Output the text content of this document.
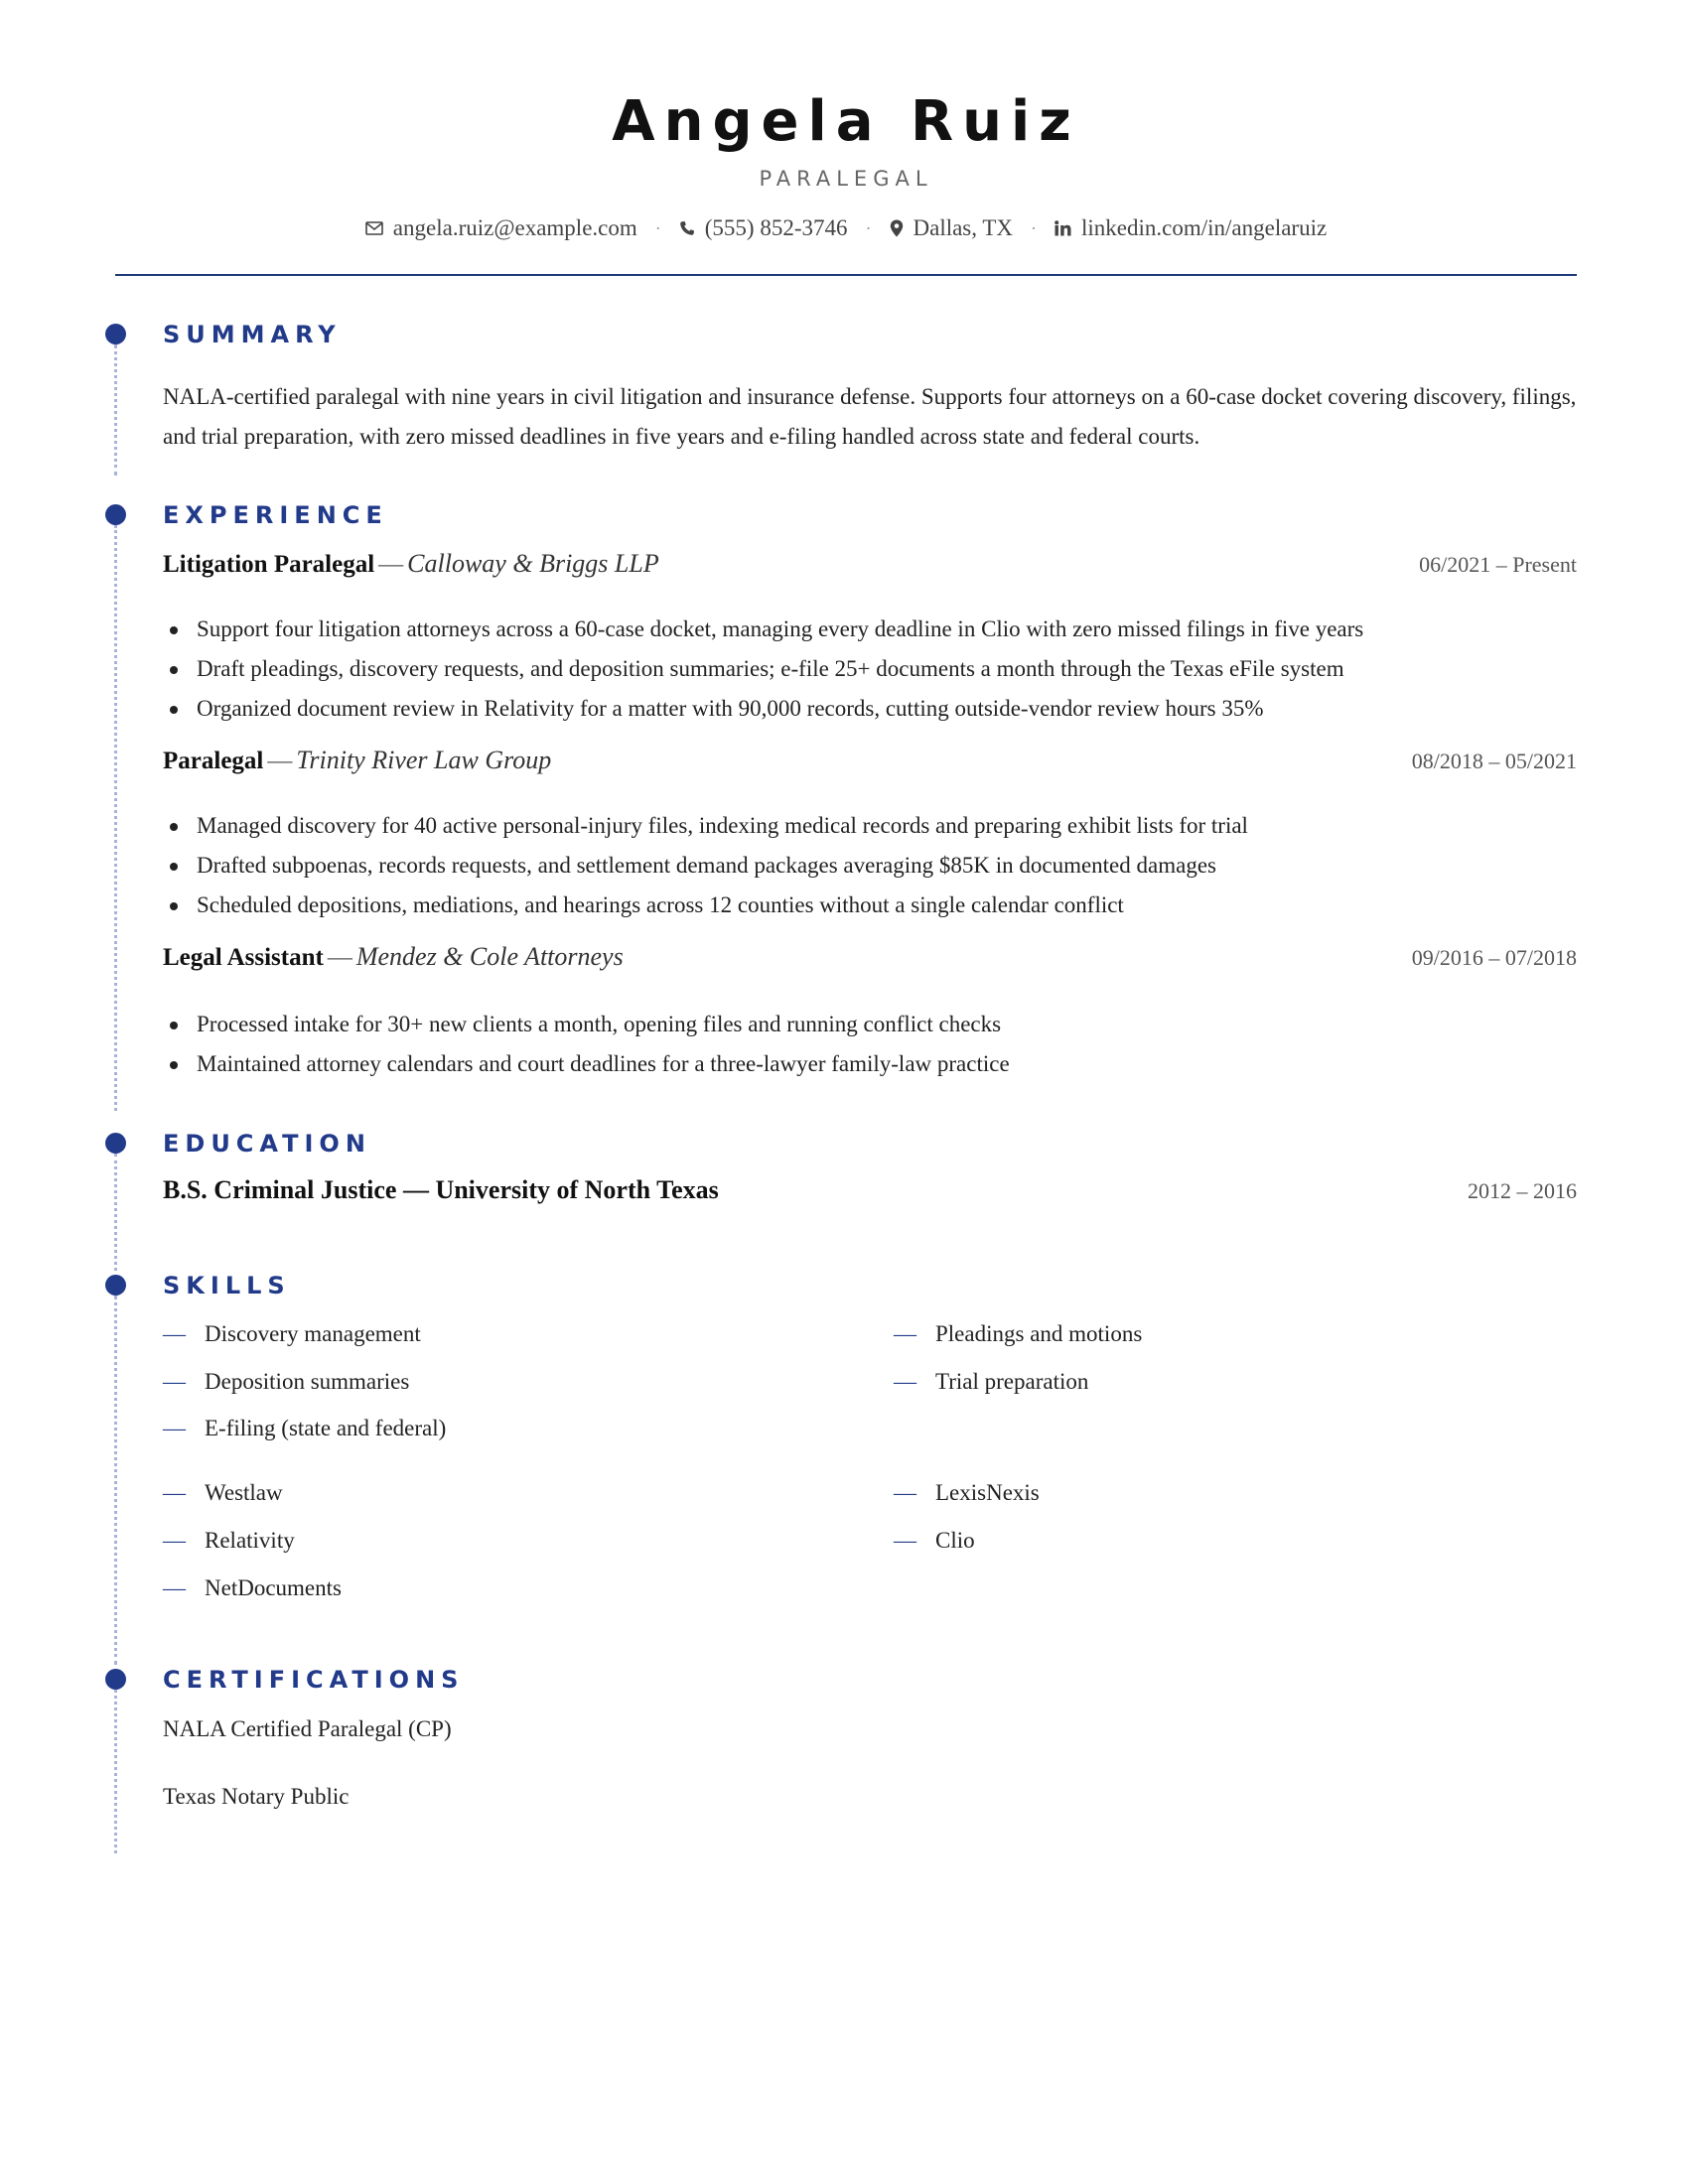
Angela Ruiz
PARALEGAL
angela.ruiz@example.com · (555) 852-3746 · Dallas, TX · linkedin.com/in/angelaruiz
SUMMARY
NALA-certified paralegal with nine years in civil litigation and insurance defense. Supports four attorneys on a 60-case docket covering discovery, filings, and trial preparation, with zero missed deadlines in five years and e-filing handled across state and federal courts.
EXPERIENCE
Litigation Paralegal — Calloway & Briggs LLP	06/2021 – Present
Support four litigation attorneys across a 60-case docket, managing every deadline in Clio with zero missed filings in five years
Draft pleadings, discovery requests, and deposition summaries; e-file 25+ documents a month through the Texas eFile system
Organized document review in Relativity for a matter with 90,000 records, cutting outside-vendor review hours 35%
Paralegal — Trinity River Law Group	08/2018 – 05/2021
Managed discovery for 40 active personal-injury files, indexing medical records and preparing exhibit lists for trial
Drafted subpoenas, records requests, and settlement demand packages averaging $85K in documented damages
Scheduled depositions, mediations, and hearings across 12 counties without a single calendar conflict
Legal Assistant — Mendez & Cole Attorneys	09/2016 – 07/2018
Processed intake for 30+ new clients a month, opening files and running conflict checks
Maintained attorney calendars and court deadlines for a three-lawyer family-law practice
EDUCATION
B.S. Criminal Justice — University of North Texas	2012 – 2016
SKILLS
— Discovery management	— Pleadings and motions
— Deposition summaries	— Trial preparation
— E-filing (state and federal)
— Westlaw	— LexisNexis
— Relativity	— Clio
— NetDocuments
CERTIFICATIONS
NALA Certified Paralegal (CP)
Texas Notary Public
